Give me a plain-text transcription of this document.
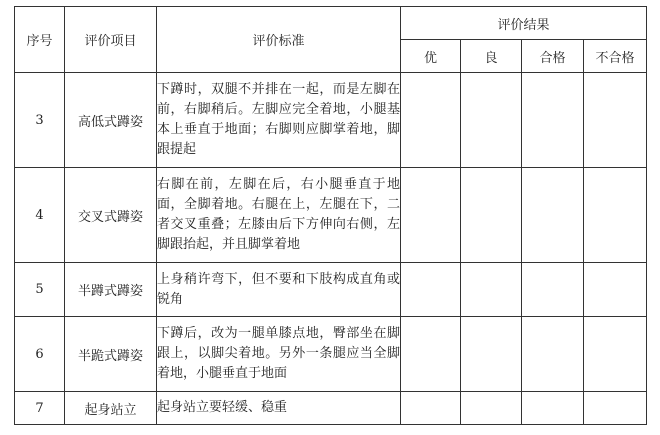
序号	评价项目	评价标准	评价结果			
			优	良	合格	不合格
3	高低式蹲姿	下蹲时，双腿不并排在一起，而是左脚在前，右脚稍后。左脚应完全着地，小腿基本上垂直于地面；右脚则应脚掌着地，脚跟提起				
4	交叉式蹲姿	右脚在前，左脚在后，右小腿垂直于地面，全脚着地。右腿在上，左腿在下，二者交叉重叠；左膝由后下方伸向右侧，左脚跟抬起，并且脚掌着地				
5	半蹲式蹲姿	上身稍许弯下，但不要和下肢构成直角或锐角				
6	半跪式蹲姿	下蹲后，改为一腿单膝点地，臀部坐在脚跟上，以脚尖着地。另外一条腿应当全脚着地，小腿垂直于地面				
7	起身站立	起身站立要轻缓、稳重				
